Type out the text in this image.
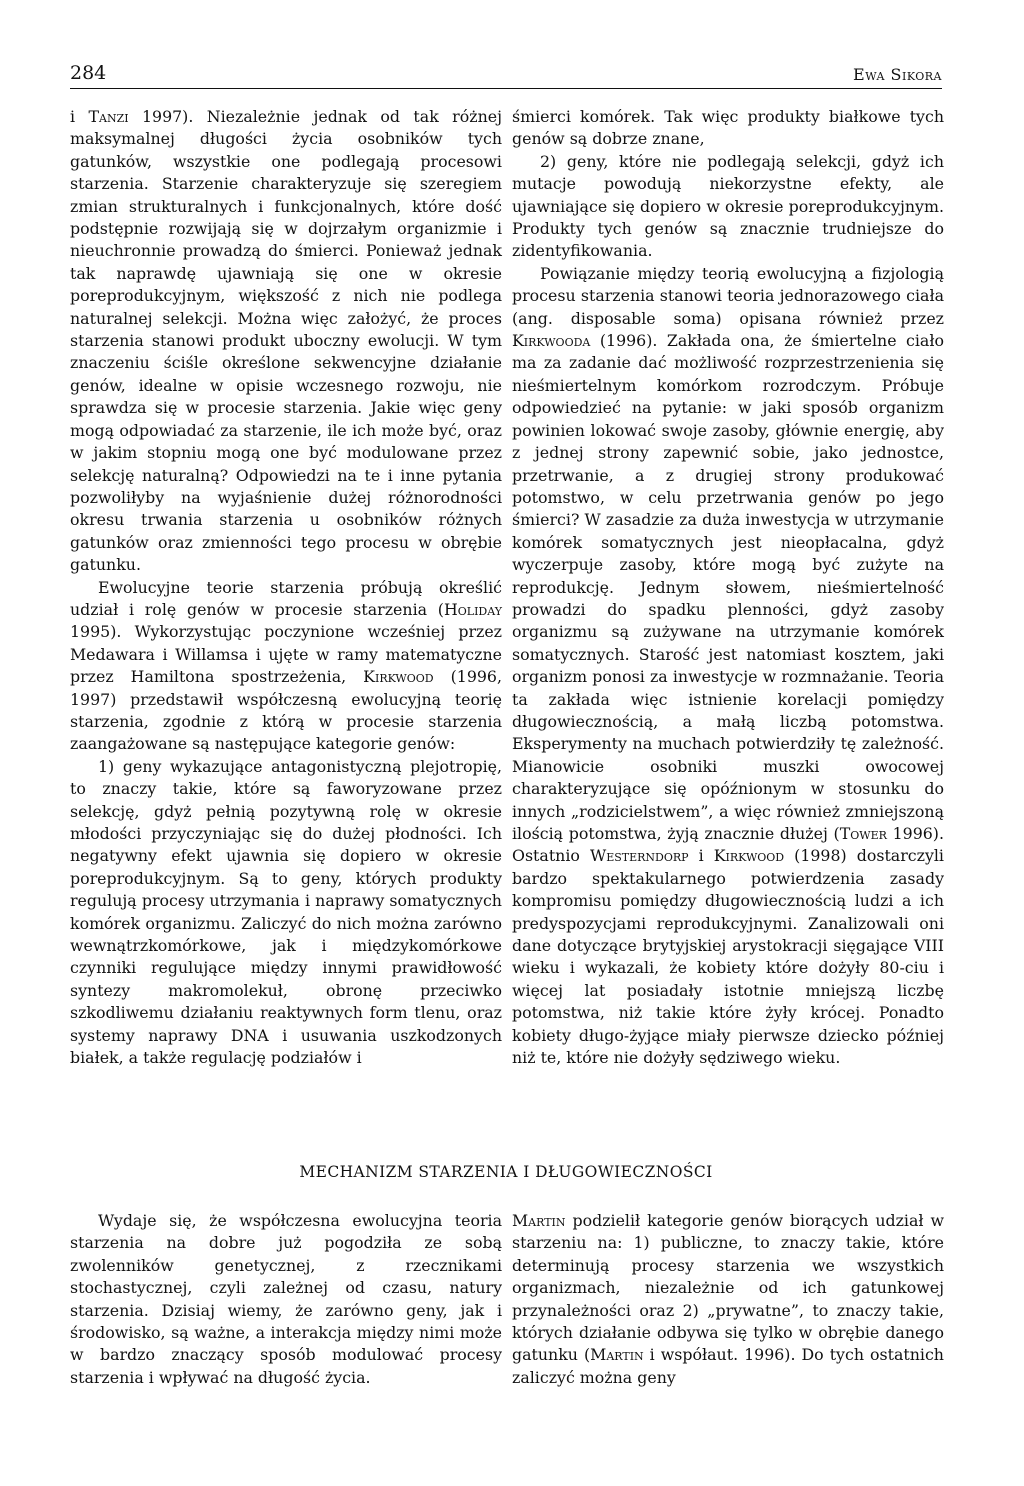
284	Ewa Sikora

i Tanzi 1997). Niezależnie jednak od tak różnej maksymalnej długości życia osobników tych gatunków, wszystkie one podlegają procesowi starzenia. Starzenie charakteryzuje się szeregiem zmian strukturalnych i funkcjonalnych, które dość podstępnie rozwijają się w dojrzałym organizmie i nieuchronnie prowadzą do śmierci. Ponieważ jednak tak naprawdę ujawniają się one w okresie poreprodukcyjnym, większość z nich nie podlega naturalnej selekcji. Można więc założyć, że proces starzenia stanowi produkt uboczny ewolucji. W tym znaczeniu ściśle określone sekwencyjne działanie genów, idealne w opisie wczesnego rozwoju, nie sprawdza się w procesie starzenia. Jakie więc geny mogą odpowiadać za starzenie, ile ich może być, oraz w jakim stopniu mogą one być modulowane przez selekcję naturalną? Odpowiedzi na te i inne pytania pozwoliłyby na wyjaśnienie dużej różnorodności okresu trwania starzenia u osobników różnych gatunków oraz zmienności tego procesu w obrębie gatunku.

Ewolucyjne teorie starzenia próbują określić udział i rolę genów w procesie starzenia (Holiday 1995). Wykorzystując poczynione wcześniej przez Medawara i Willamsa i ujęte w ramy matematyczne przez Hamiltona spostrzeżenia, Kirkwood (1996, 1997) przedstawił współczesną ewolucyjną teorię starzenia, zgodnie z którą w procesie starzenia zaangażowane są następujące kategorie genów:

1) geny wykazujące antagonistyczną plejotropię, to znaczy takie, które są faworyzowane przez selekcję, gdyż pełnią pozytywną rolę w okresie młodości przyczyniając się do dużej płodności. Ich negatywny efekt ujawnia się dopiero w okresie poreprodukcyjnym. Są to geny, których produkty regulują procesy utrzymania i naprawy somatycznych komórek organizmu. Zaliczyć do nich można zarówno wewnątrzkomórkowe, jak i międzykomórkowe czynniki regulujące między innymi prawidłowość syntezy makromolekuł, obronę przeciwko szkodliwemu działaniu reaktywnych form tlenu, oraz systemy naprawy DNA i usuwania uszkodzonych białek, a także regulację podziałów i

śmierci komórek. Tak więc produkty białkowe tych genów są dobrze znane,

2) geny, które nie podlegają selekcji, gdyż ich mutacje powodują niekorzystne efekty, ale ujawniające się dopiero w okresie poreprodukcyjnym. Produkty tych genów są znacznie trudniejsze do zidentyfikowania.

Powiązanie między teorią ewolucyjną a fizjologią procesu starzenia stanowi teoria jednorazowego ciała (ang. disposable soma) opisana również przez Kirkwooda (1996). Zakłada ona, że śmiertelne ciało ma za zadanie dać możliwość rozprzestrzenienia się nieśmiertelnym komórkom rozrodczym. Próbuje odpowiedzieć na pytanie: w jaki sposób organizm powinien lokować swoje zasoby, głównie energię, aby z jednej strony zapewnić sobie, jako jednostce, przetrwanie, a z drugiej strony produkować potomstwo, w celu przetrwania genów po jego śmierci? W zasadzie za duża inwestycja w utrzymanie komórek somatycznych jest nieopłacalna, gdyż wyczerpuje zasoby, które mogą być zużyte na reprodukcję. Jednym słowem, nieśmiertelność prowadzi do spadku plenności, gdyż zasoby organizmu są zużywane na utrzymanie komórek somatycznych. Starość jest natomiast kosztem, jaki organizm ponosi za inwestycje w rozmnażanie. Teoria ta zakłada więc istnienie korelacji pomiędzy długowiecznością, a małą liczbą potomstwa. Eksperymenty na muchach potwierdziły tę zależność. Mianowicie osobniki muszki owocowej charakteryzujące się opóźnionym w stosunku do innych „rodzicielstwem”, a więc również zmniejszoną ilością potomstwa, żyją znacznie dłużej (Tower 1996). Ostatnio Westerndorp i Kirkwood (1998) dostarczyli bardzo spektakularnego potwierdzenia zasady kompromisu pomiędzy długowiecznością ludzi a ich predyspozycjami reprodukcyjnymi. Zanalizowali oni dane dotyczące brytyjskiej arystokracji sięgające VIII wieku i wykazali, że kobiety które dożyły 80-ciu i więcej lat posiadały istotnie mniejszą liczbę potomstwa, niż takie które żyły krócej. Ponadto kobiety długo-żyjące miały pierwsze dziecko później niż te, które nie dożyły sędziwego wieku.

MECHANIZM STARZENIA I DŁUGOWIECZNOŚCI

Wydaje się, że współczesna ewolucyjna teoria starzenia na dobre już pogodziła ze sobą zwolenników genetycznej, z rzecznikami stochastycznej, czyli zależnej od czasu, natury starzenia. Dzisiaj wiemy, że zarówno geny, jak i środowisko, są ważne, a interakcja między nimi może w bardzo znaczący sposób modulować procesy starzenia i wpływać na długość życia.

Martin podzielił kategorie genów biorących udział w starzeniu na: 1) publiczne, to znaczy takie, które determinują procesy starzenia we wszystkich organizmach, niezależnie od ich gatunkowej przynależności oraz 2) „prywatne”, to znaczy takie, których działanie odbywa się tylko w obrębie danego gatunku (Martin i współaut. 1996). Do tych ostatnich zaliczyć można geny
